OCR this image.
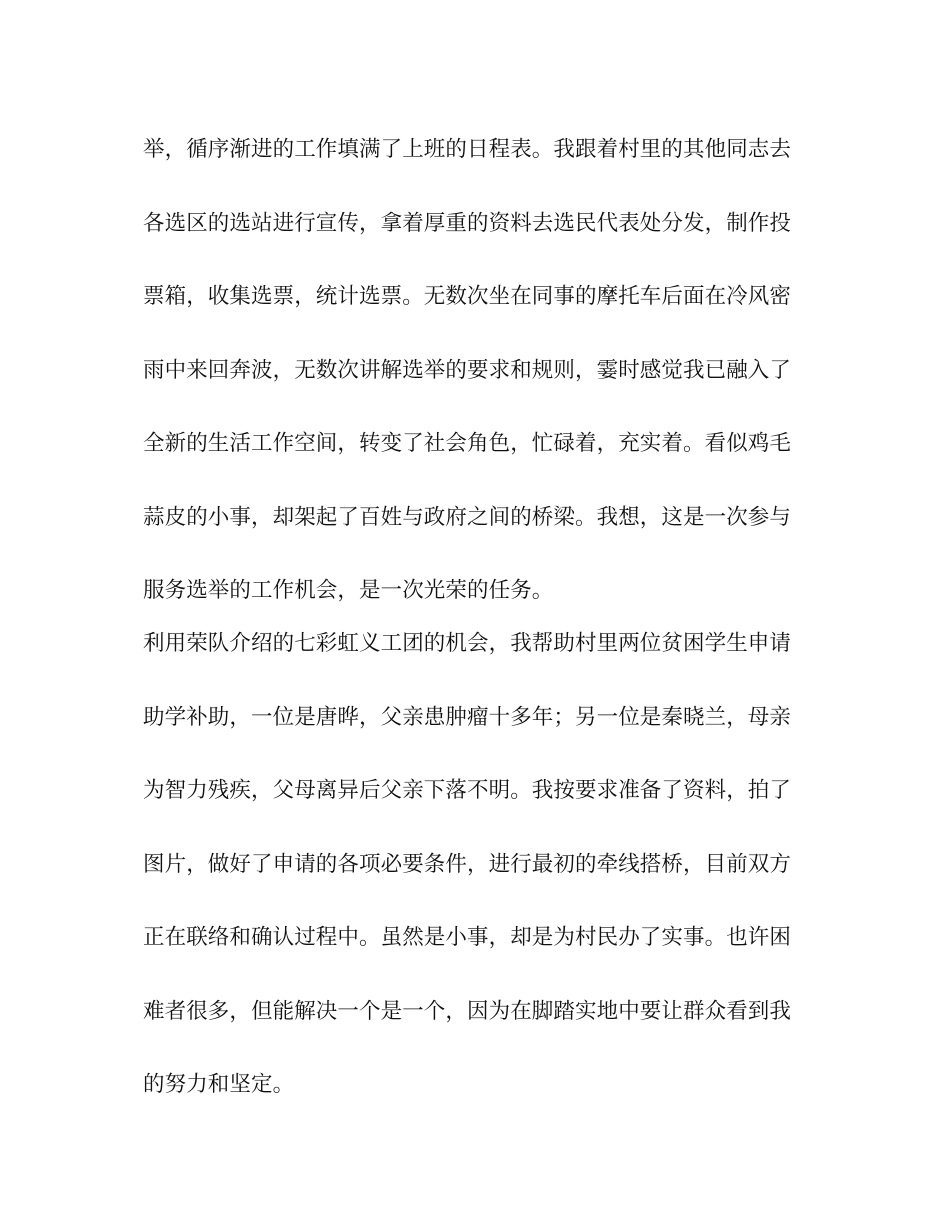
举，循序渐进的工作填满了上班的日程表。我跟着村里的其他同志去
各选区的选站进行宣传，拿着厚重的资料去选民代表处分发，制作投
票箱，收集选票，统计选票。无数次坐在同事的摩托车后面在冷风密
雨中来回奔波，无数次讲解选举的要求和规则，霎时感觉我已融入了
全新的生活工作空间，转变了社会角色，忙碌着，充实着。看似鸡毛
蒜皮的小事，却架起了百姓与政府之间的桥梁。我想，这是一次参与
服务选举的工作机会，是一次光荣的任务。
利用荣队介绍的七彩虹义工团的机会，我帮助村里两位贫困学生申请
助学补助，一位是唐晔，父亲患肿瘤十多年；另一位是秦晓兰，母亲
为智力残疾，父母离异后父亲下落不明。我按要求准备了资料，拍了
图片，做好了申请的各项必要条件，进行最初的牵线搭桥，目前双方
正在联络和确认过程中。虽然是小事，却是为村民办了实事。也许困
难者很多，但能解决一个是一个，因为在脚踏实地中要让群众看到我
的努力和坚定。
